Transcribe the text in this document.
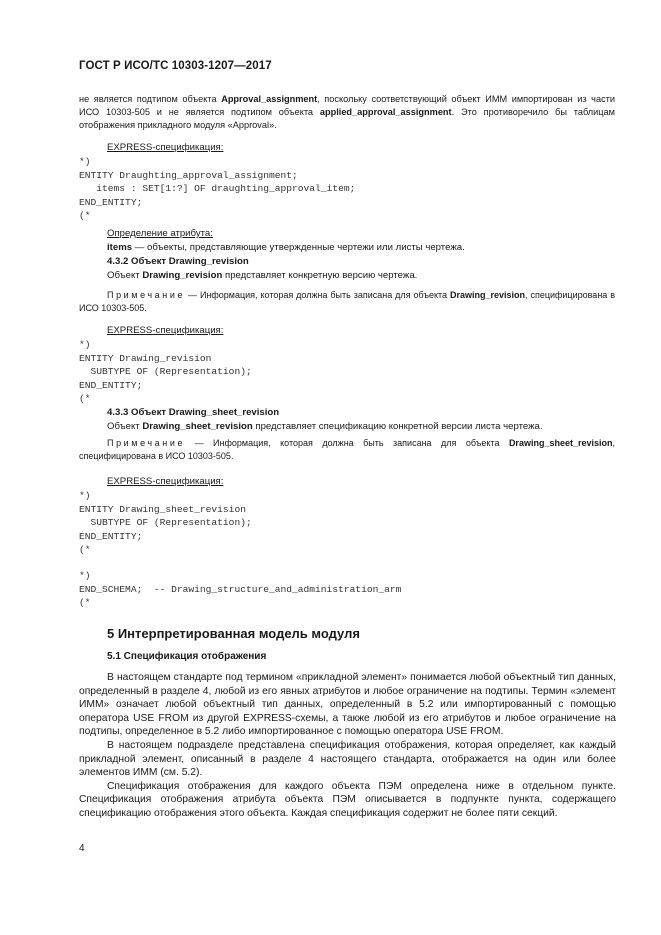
ГОСТ Р ИСО/ТС 10303-1207—2017
не является подтипом объекта Approval_assignment, поскольку соответствующий объект ИММ импортирован из части ИСО 10303-505 и не является подтипом объекта applied_approval_assignment. Это противоречило бы таблицам отображения прикладного модуля «Approval».
EXPRESS-спецификация:
*)
ENTITY Draughting_approval_assignment;
items : SET[1:?] OF draughting_approval_item;
END_ENTITY;
(*
Определение атрибута:
items — объекты, представляющие утвержденные чертежи или листы чертежа.
4.3.2 Объект Drawing_revision
Объект Drawing_revision представляет конкретную версию чертежа.
Примечание — Информация, которая должна быть записана для объекта Drawing_revision, специфицирована в ИСО 10303-505.
EXPRESS-спецификация:
*)
ENTITY Drawing_revision
SUBTYPE OF (Representation);
END_ENTITY;
(*
4.3.3 Объект Drawing_sheet_revision
Объект Drawing_sheet_revision представляет спецификацию конкретной версии листа чертежа.
Примечание — Информация, которая должна быть записана для объекта Drawing_sheet_revision, специфицирована в ИСО 10303-505.
EXPRESS-спецификация:
*)
ENTITY Drawing_sheet_revision
SUBTYPE OF (Representation);
END_ENTITY;
(*
*)
END_SCHEMA;  -- Drawing_structure_and_administration_arm
(*
5 Интерпретированная модель модуля
5.1 Спецификация отображения

В настоящем стандарте под термином «прикладной элемент» понимается любой объектный тип данных, определенный в разделе 4, любой из его явных атрибутов и любое ограничение на подтипы. Термин «элемент ИММ» означает любой объектный тип данных, определенный в 5.2 или импортированный с помощью оператора USE FROM из другой EXPRESS-схемы, а также любой из его атрибутов и любое ограничение на подтипы, определенное в 5.2 либо импортированное с помощью оператора USE FROM.

В настоящем подразделе представлена спецификация отображения, которая определяет, как каждый прикладной элемент, описанный в разделе 4 настоящего стандарта, отображается на один или более элементов ИММ (см. 5.2).

Спецификация отображения для каждого объекта ПЭМ определена ниже в отдельном пункте. Спецификация отображения атрибута объекта ПЭМ описывается в подпункте пункта, содержащего спецификацию отображения этого объекта. Каждая спецификация содержит не более пяти секций.

4
